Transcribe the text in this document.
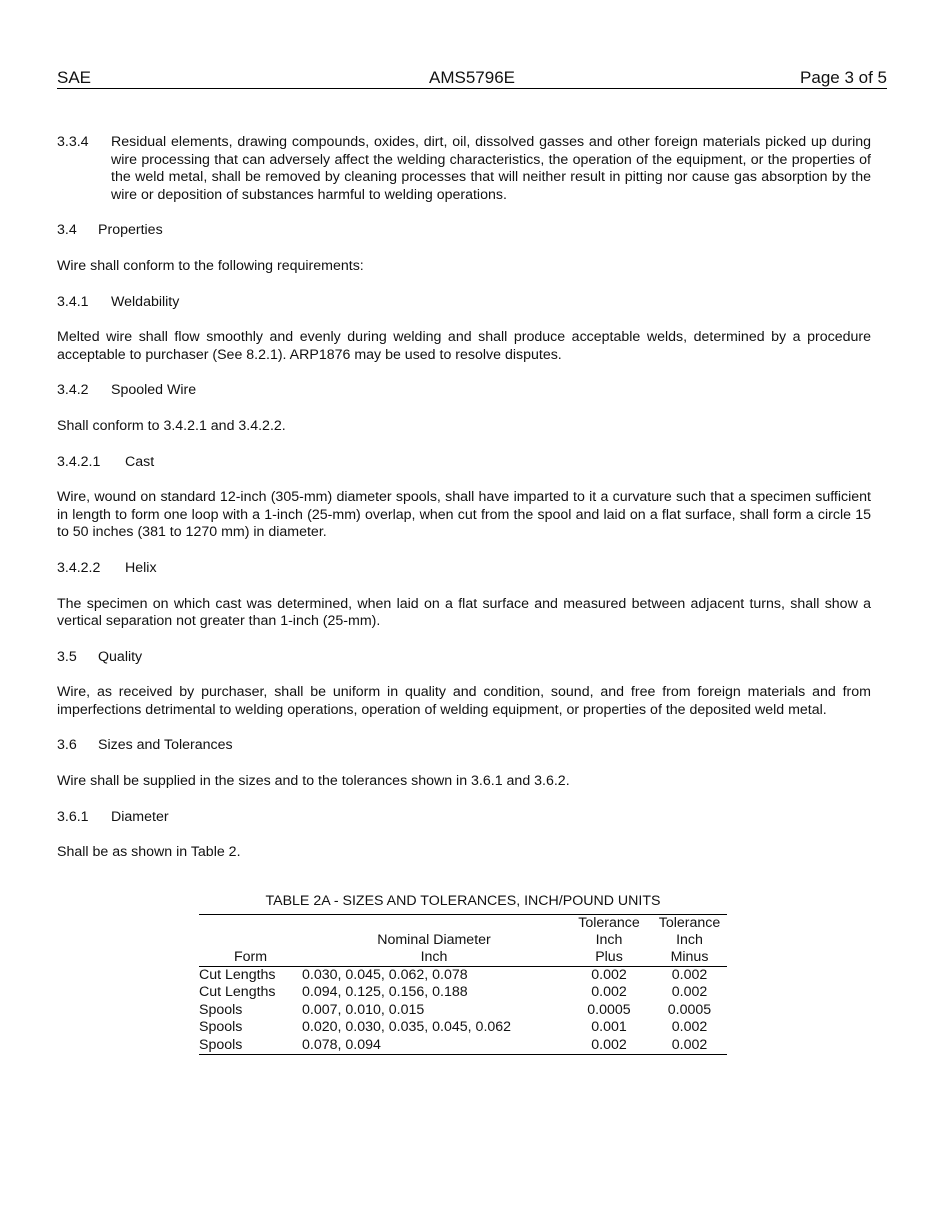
SAE	AMS5796E	Page 3 of 5
3.3.4	Residual elements, drawing compounds, oxides, dirt, oil, dissolved gasses and other foreign materials picked up during wire processing that can adversely affect the welding characteristics, the operation of the equipment, or the properties of the weld metal, shall be removed by cleaning processes that will neither result in pitting nor cause gas absorption by the wire or deposition of substances harmful to welding operations.
3.4 Properties

Wire shall conform to the following requirements:

3.4.1 Weldability

Melted wire shall flow smoothly and evenly during welding and shall produce acceptable welds, determined by a procedure acceptable to purchaser (See 8.2.1). ARP1876 may be used to resolve disputes.

3.4.2 Spooled Wire

Shall conform to 3.4.2.1 and 3.4.2.2.

3.4.2.1 Cast

Wire, wound on standard 12-inch (305-mm) diameter spools, shall have imparted to it a curvature such that a specimen sufficient in length to form one loop with a 1-inch (25-mm) overlap, when cut from the spool and laid on a flat surface, shall form a circle 15 to 50 inches (381 to 1270 mm) in diameter.

3.4.2.2 Helix

The specimen on which cast was determined, when laid on a flat surface and measured between adjacent turns, shall show a vertical separation not greater than 1-inch (25-mm).

3.5 Quality

Wire, as received by purchaser, shall be uniform in quality and condition, sound, and free from foreign materials and from imperfections detrimental to welding operations, operation of welding equipment, or properties of the deposited weld metal.

3.6 Sizes and Tolerances

Wire shall be supplied in the sizes and to the tolerances shown in 3.6.1 and 3.6.2.

3.6.1 Diameter

Shall be as shown in Table 2.

TABLE 2A - SIZES AND TOLERANCES, INCH/POUND UNITS
		Tolerance	Tolerance
	Nominal Diameter	Inch	Inch
Form	Inch	Plus	Minus
Cut Lengths	0.030, 0.045, 0.062, 0.078	0.002	0.002
Cut Lengths	0.094, 0.125, 0.156, 0.188	0.002	0.002
Spools	0.007, 0.010, 0.015	0.0005	0.0005
Spools	0.020, 0.030, 0.035, 0.045, 0.062	0.001	0.002
Spools	0.078, 0.094	0.002	0.002
